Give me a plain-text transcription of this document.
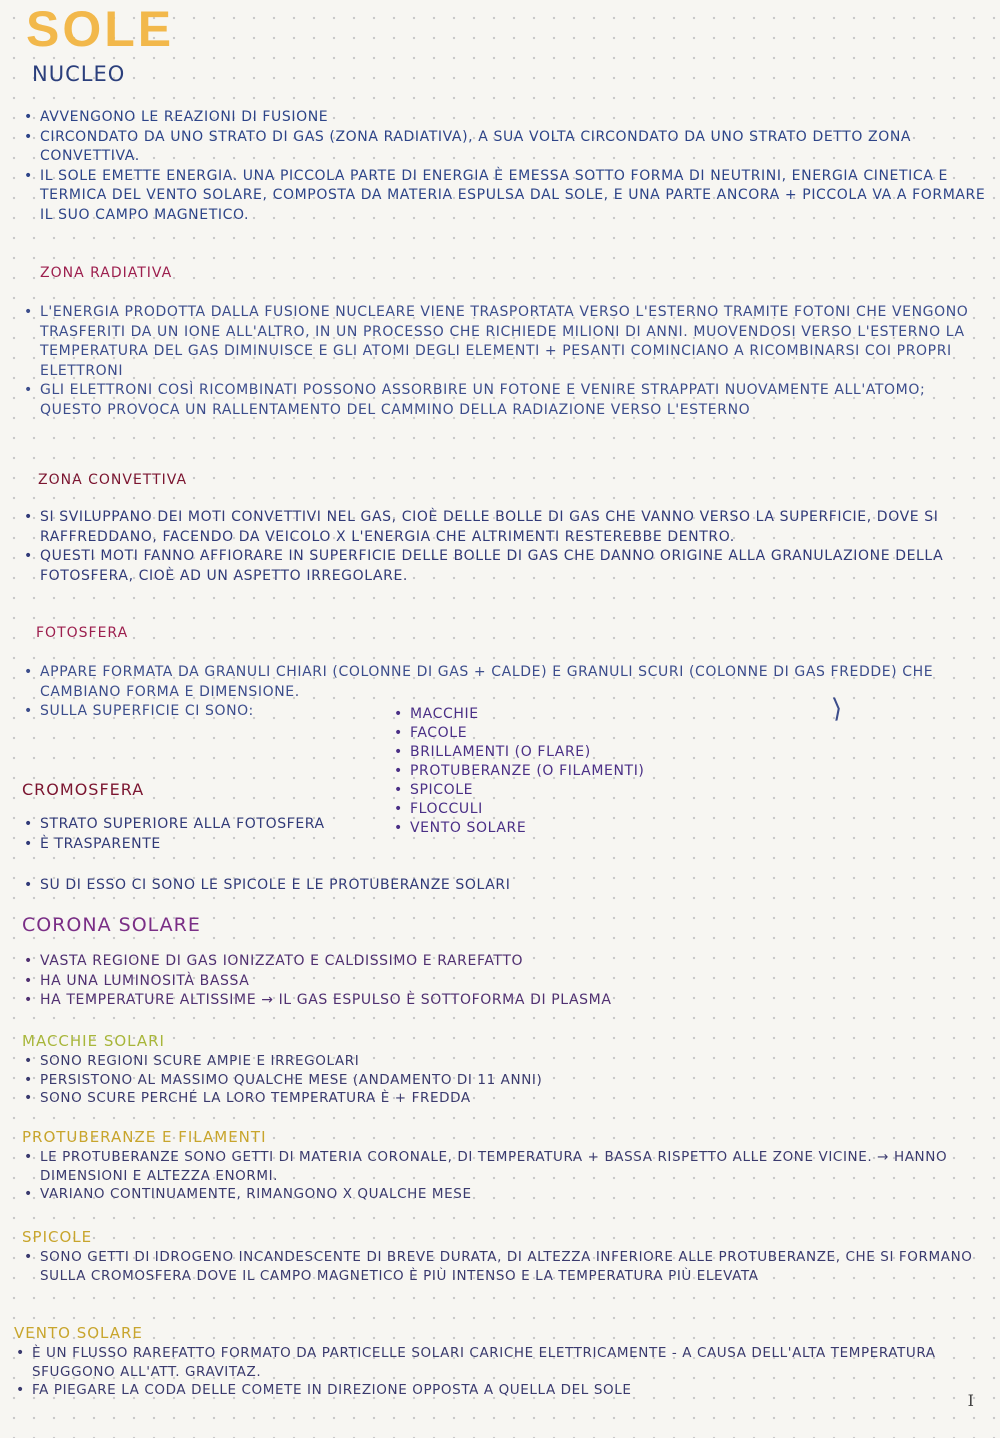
SOLE
NUCLEO
• AVVENGONO LE REAZIONI DI FUSIONE
• CIRCONDATO DA UNO STRATO DI GAS (ZONA RADIATIVA), A SUA VOLTA CIRCONDATO DA UNO STRATO DETTO ZONA CONVETTIVA.
• IL SOLE EMETTE ENERGIA. UNA PICCOLA PARTE DI ENERGIA È EMESSA SOTTO FORMA DI NEUTRINI, ENERGIA CINETICA E TERMICA DEL VENTO SOLARE, COMPOSTA DA MATERIA ESPULSA DAL SOLE, E UNA PARTE ANCORA + PICCOLA VA A FORMARE IL SUO CAMPO MAGNETICO.
ZONA RADIATIVA
• L'ENERGIA PRODOTTA DALLA FUSIONE NUCLEARE VIENE TRASPORTATA VERSO L'ESTERNO TRAMITE FOTONI CHE VENGONO TRASFERITI DA UN IONE ALL'ALTRO, IN UN PROCESSO CHE RICHIEDE MILIONI DI ANNI. MUOVENDOSI VERSO L'ESTERNO LA TEMPERATURA DEL GAS DIMINUISCE E GLI ATOMI DEGLI ELEMENTI + PESANTI COMINCIANO A RICOMBINARSI COI PROPRI ELETTRONI
• GLI ELETTRONI COSÌ RICOMBINATI POSSONO ASSORBIRE UN FOTONE E VENIRE STRAPPATI NUOVAMENTE ALL'ATOMO; QUESTO PROVOCA UN RALLENTAMENTO DEL CAMMINO DELLA RADIAZIONE VERSO L'ESTERNO
ZONA CONVETTIVA
• SI SVILUPPANO DEI MOTI CONVETTIVI NEL GAS, CIOÈ DELLE BOLLE DI GAS CHE VANNO VERSO LA SUPERFICIE, DOVE SI RAFFREDDANO, FACENDO DA VEICOLO X L'ENERGIA CHE ALTRIMENTI RESTEREBBE DENTRO.
• QUESTI MOTI FANNO AFFIORARE IN SUPERFICIE DELLE BOLLE DI GAS CHE DANNO ORIGINE ALLA GRANULAZIONE DELLA FOTOSFERA, CIOÈ AD UN ASPETTO IRREGOLARE.
FOTOSFERA
• APPARE FORMATA DA GRANULI CHIARI (COLONNE DI GAS + CALDE) E GRANULI SCURI (COLONNE DI GAS FREDDE) CHE CAMBIANO FORMA E DIMENSIONE.
• SULLA SUPERFICIE CI SONO:
•	MACCHIE
• FACOLE
• BRILLAMENTI (O FLARE)
• PROTUBERANZE (O FILAMENTI)
• SPICOLE
• FLOCCULI
• VENTO SOLARE
CROMOSFERA
• STRATO SUPERIORE ALLA FOTOSFERA
• È TRASPARENTE
• SU DI ESSO CI SONO LE SPICOLE E LE PROTUBERANZE SOLARI
CORONA SOLARE
• VASTA REGIONE DI GAS IONIZZATO E CALDISSIMO E RAREFATTO
• HA UNA LUMINOSITÀ BASSA
• HA TEMPERATURE ALTISSIME → IL GAS ESPULSO È SOTTOFORMA DI PLASMA
MACCHIE SOLARI
• SONO REGIONI SCURE AMPIE E IRREGOLARI
• PERSISTONO AL MASSIMO QUALCHE MESE (ANDAMENTO DI 11 ANNI)
• SONO SCURE PERCHÉ LA LORO TEMPERATURA È + FREDDA
PROTUBERANZE E FILAMENTI
• LE PROTUBERANZE SONO GETTI DI MATERIA CORONALE, DI TEMPERATURA + BASSA RISPETTO ALLE ZONE VICINE. → HANNO DIMENSIONI E ALTEZZA ENORMI.
• VARIANO CONTINUAMENTE, RIMANGONO X QUALCHE MESE
SPICOLE
• SONO GETTI DI IDROGENO INCANDESCENTE DI BREVE DURATA, DI ALTEZZA INFERIORE ALLE PROTUBERANZE, CHE SI FORMANO SULLA CROMOSFERA DOVE IL CAMPO MAGNETICO È PIÙ INTENSO E LA TEMPERATURA PIÙ ELEVATA
VENTO SOLARE
• È UN FLUSSO RAREFATTO FORMATO DA PARTICELLE SOLARI CARICHE ELETTRICAMENTE - A CAUSA DELL'ALTA TEMPERATURA SFUGGONO ALL'ATT. GRAVITAZ.
• FA PIEGARE LA CODA DELLE COMETE IN DIREZIONE OPPOSTA A QUELLA DEL SOLE
⟩
I
